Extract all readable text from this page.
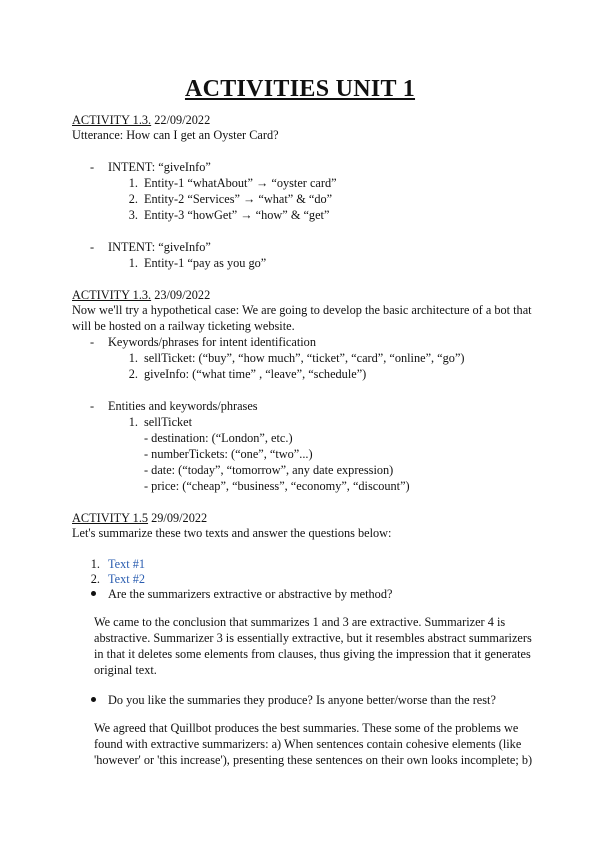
ACTIVITIES UNIT 1
ACTIVITY 1.3. 22/09/2022
Utterance: How can I get an Oyster Card?
- INTENT: “giveInfo”
1. Entity-1 “whatAbout” → “oyster card”
2. Entity-2 “Services” → “what” & “do”
3. Entity-3 “howGet” → “how” & “get”
- INTENT: “giveInfo”
1. Entity-1 “pay as you go”
ACTIVITY 1.3. 23/09/2022
Now we'll try a hypothetical case: We are going to develop the basic architecture of a bot that
will be hosted on a railway ticketing website.
- Keywords/phrases for intent identification
1. sellTicket: (“buy”, “how much”, “ticket”, “card”, “online”, “go”)
2. giveInfo: (“what time” , “leave”, “schedule”)
- Entities and keywords/phrases
1. sellTicket
- destination: (“London”, etc.)
- numberTickets: (“one”, “two”...)
- date: (“today”, “tomorrow”, any date expression)
- price: (“cheap”, “business”, “economy”, “discount”)
ACTIVITY 1.5 29/09/2022
Let's summarize these two texts and answer the questions below:
1. Text #1
2. Text #2
Are the summarizers extractive or abstractive by method?
We came to the conclusion that summarizes 1 and 3 are extractive. Summarizer 4 is
abstractive. Summarizer 3 is essentially extractive, but it resembles abstract summarizers
in that it deletes some elements from clauses, thus giving the impression that it generates
original text.
Do you like the summaries they produce? Is anyone better/worse than the rest?
We agreed that Quillbot produces the best summaries. These some of the problems we
found with extractive summarizers: a) When sentences contain cohesive elements (like
'however' or 'this increase'), presenting these sentences on their own looks incomplete; b)
